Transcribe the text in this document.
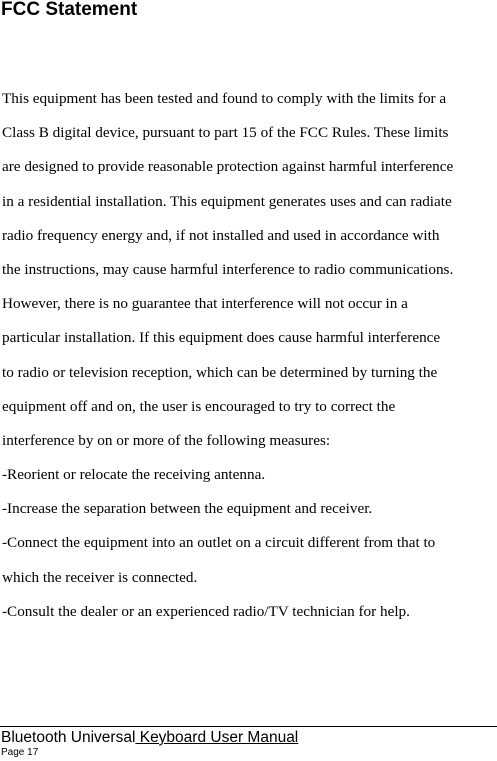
FCC Statement
This equipment has been tested and found to comply with the limits for a
Class B digital device, pursuant to part 15 of the FCC Rules. These limits
are designed to provide reasonable protection against harmful interference
in a residential installation. This equipment generates uses and can radiate
radio frequency energy and, if not installed and used in accordance with
the instructions, may cause harmful interference to radio communications.
However, there is no guarantee that interference will not occur in a
particular installation. If this equipment does cause harmful interference
to radio or television reception, which can be determined by turning the
equipment off and on, the user is encouraged to try to correct the
interference by on or more of the following measures:
-Reorient or relocate the receiving antenna.
-Increase the separation between the equipment and receiver.
-Connect the equipment into an outlet on a circuit different from that to
which the receiver is connected.
-Consult the dealer or an experienced radio/TV technician for help.
Bluetooth Universal Keyboard User Manual
Page 17
